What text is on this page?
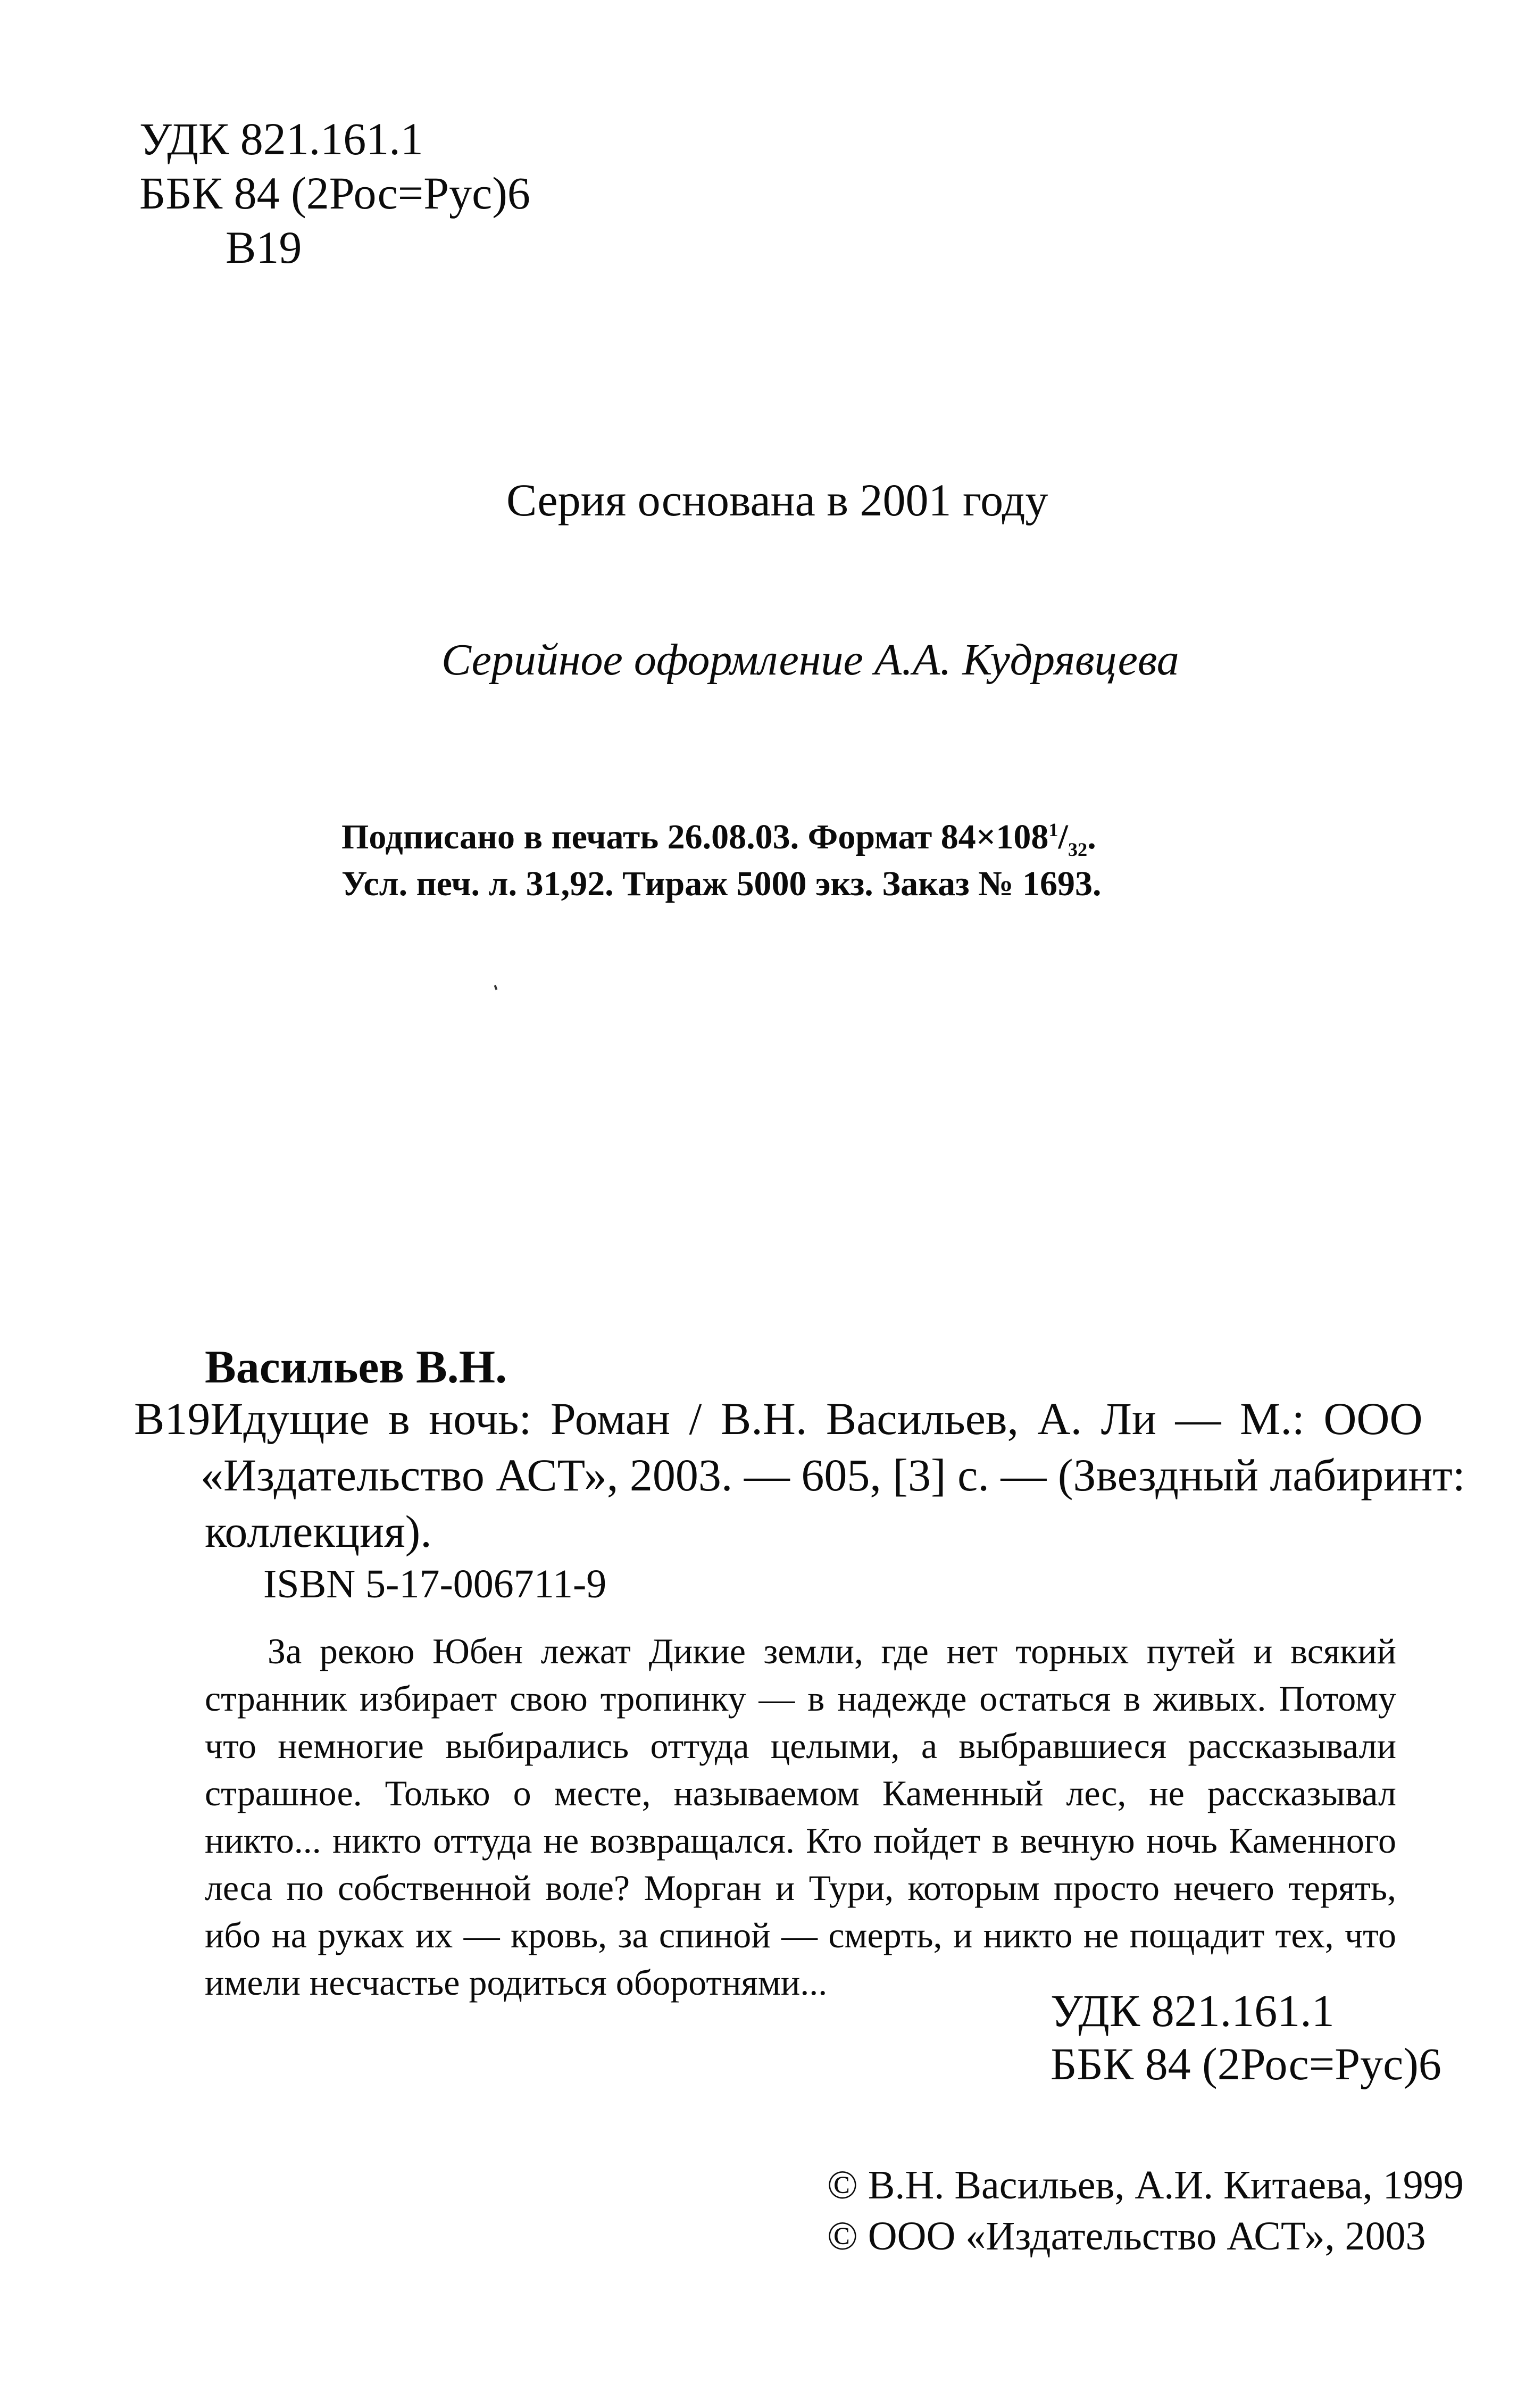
УДК 821.161.1
ББК 84 (2Рос=Рус)6
В19
Серия основана в 2001 году
Серийное оформление А.А. Кудрявцева
Подписано в печать 26.08.03. Формат $84\times 108^1/_{32}$.
Усл. печ. л. 31,92. Тираж 5000 экз. Заказ № 1693.
Васильев В.Н.
В19 Идущие в ночь: Роман / В.Н. Васильев, А. Ли — М.: ООО
«Издательство АСТ», 2003. — 605, [3] с. — (Звездный лабиринт:
коллекция).
ISBN 5-17-006711-9
За рекою Юбен лежат Дикие земли, где нет торных путей и всякий странник избирает свою тропинку — в надежде остаться в живых. Потому что немногие выбирались оттуда целыми, а выбравшиеся рассказывали страшное. Только о месте, называемом Каменный лес, не рассказывал никто... никто оттуда не возвращался. Кто пойдет в вечную ночь Каменного леса по собственной воле? Морган и Тури, которым просто нечего терять, ибо на руках их — кровь, за спиной — смерть, и никто не пощадит тех, что имели несчастье родиться оборотнями...
УДК 821.161.1
ББК 84 (2Рос=Рус)6
© В.Н. Васильев, А.И. Китаева, 1999
© ООО «Издательство АСТ», 2003
